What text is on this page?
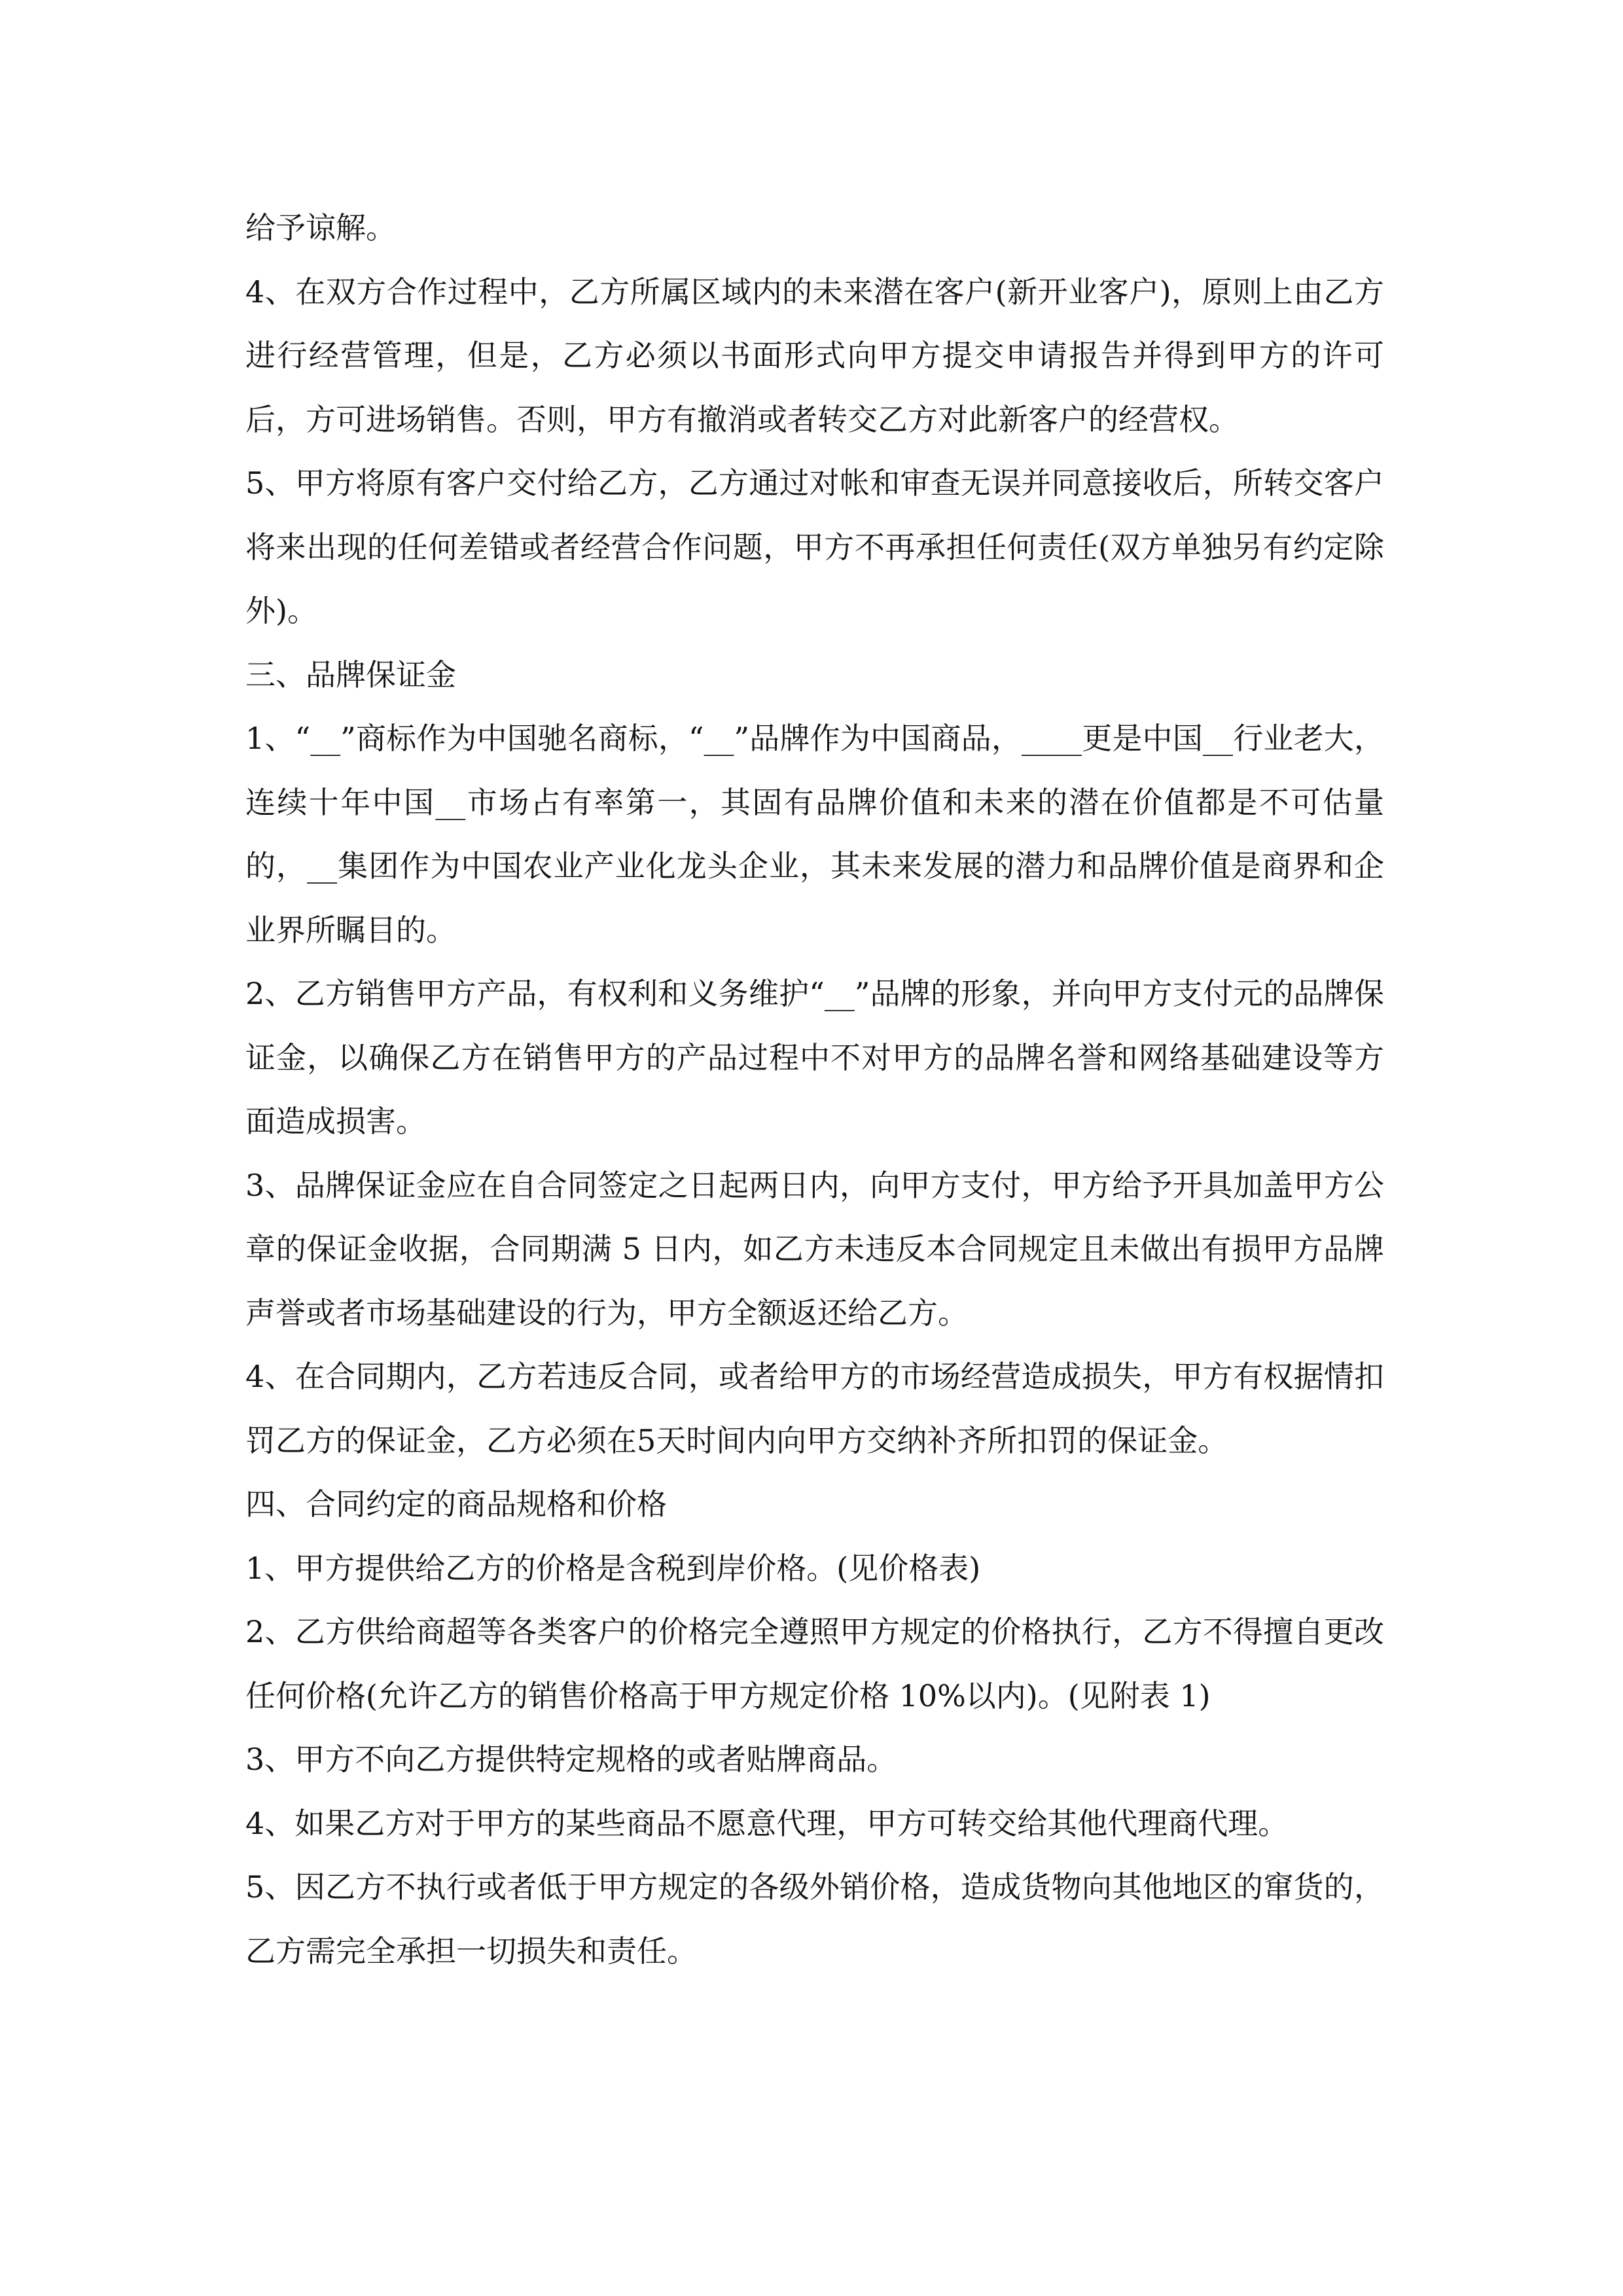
给予谅解。

4、在双方合作过程中，乙方所属区域内的未来潜在客户(新开业客户)，原则上由乙方进行经营管理，但是，乙方必须以书面形式向甲方提交申请报告并得到甲方的许可后，方可进场销售。否则，甲方有撤消或者转交乙方对此新客户的经营权。

5、甲方将原有客户交付给乙方，乙方通过对帐和审查无误并同意接收后，所转交客户将来出现的任何差错或者经营合作问题，甲方不再承担任何责任(双方单独另有约定除外)。

三、品牌保证金

1、“__”商标作为中国驰名商标，“__”品牌作为中国商品，____更是中国__行业老大，连续十年中国__市场占有率第一，其固有品牌价值和未来的潜在价值都是不可估量的，__集团作为中国农业产业化龙头企业，其未来发展的潜力和品牌价值是商界和企业界所瞩目的。

2、乙方销售甲方产品，有权利和义务维护“__”品牌的形象，并向甲方支付元的品牌保证金，以确保乙方在销售甲方的产品过程中不对甲方的品牌名誉和网络基础建设等方面造成损害。

3、品牌保证金应在自合同签定之日起两日内，向甲方支付，甲方给予开具加盖甲方公章的保证金收据，合同期满 5 日内，如乙方未违反本合同规定且未做出有损甲方品牌声誉或者市场基础建设的行为，甲方全额返还给乙方。

4、在合同期内，乙方若违反合同，或者给甲方的市场经营造成损失，甲方有权据情扣罚乙方的保证金，乙方必须在5天时间内向甲方交纳补齐所扣罚的保证金。

四、合同约定的商品规格和价格

1、甲方提供给乙方的价格是含税到岸价格。(见价格表)

2、乙方供给商超等各类客户的价格完全遵照甲方规定的价格执行，乙方不得擅自更改任何价格(允许乙方的销售价格高于甲方规定价格 10%以内)。(见附表 1)

3、甲方不向乙方提供特定规格的或者贴牌商品。

4、如果乙方对于甲方的某些商品不愿意代理，甲方可转交给其他代理商代理。

5、因乙方不执行或者低于甲方规定的各级外销价格，造成货物向其他地区的窜货的，乙方需完全承担一切损失和责任。
